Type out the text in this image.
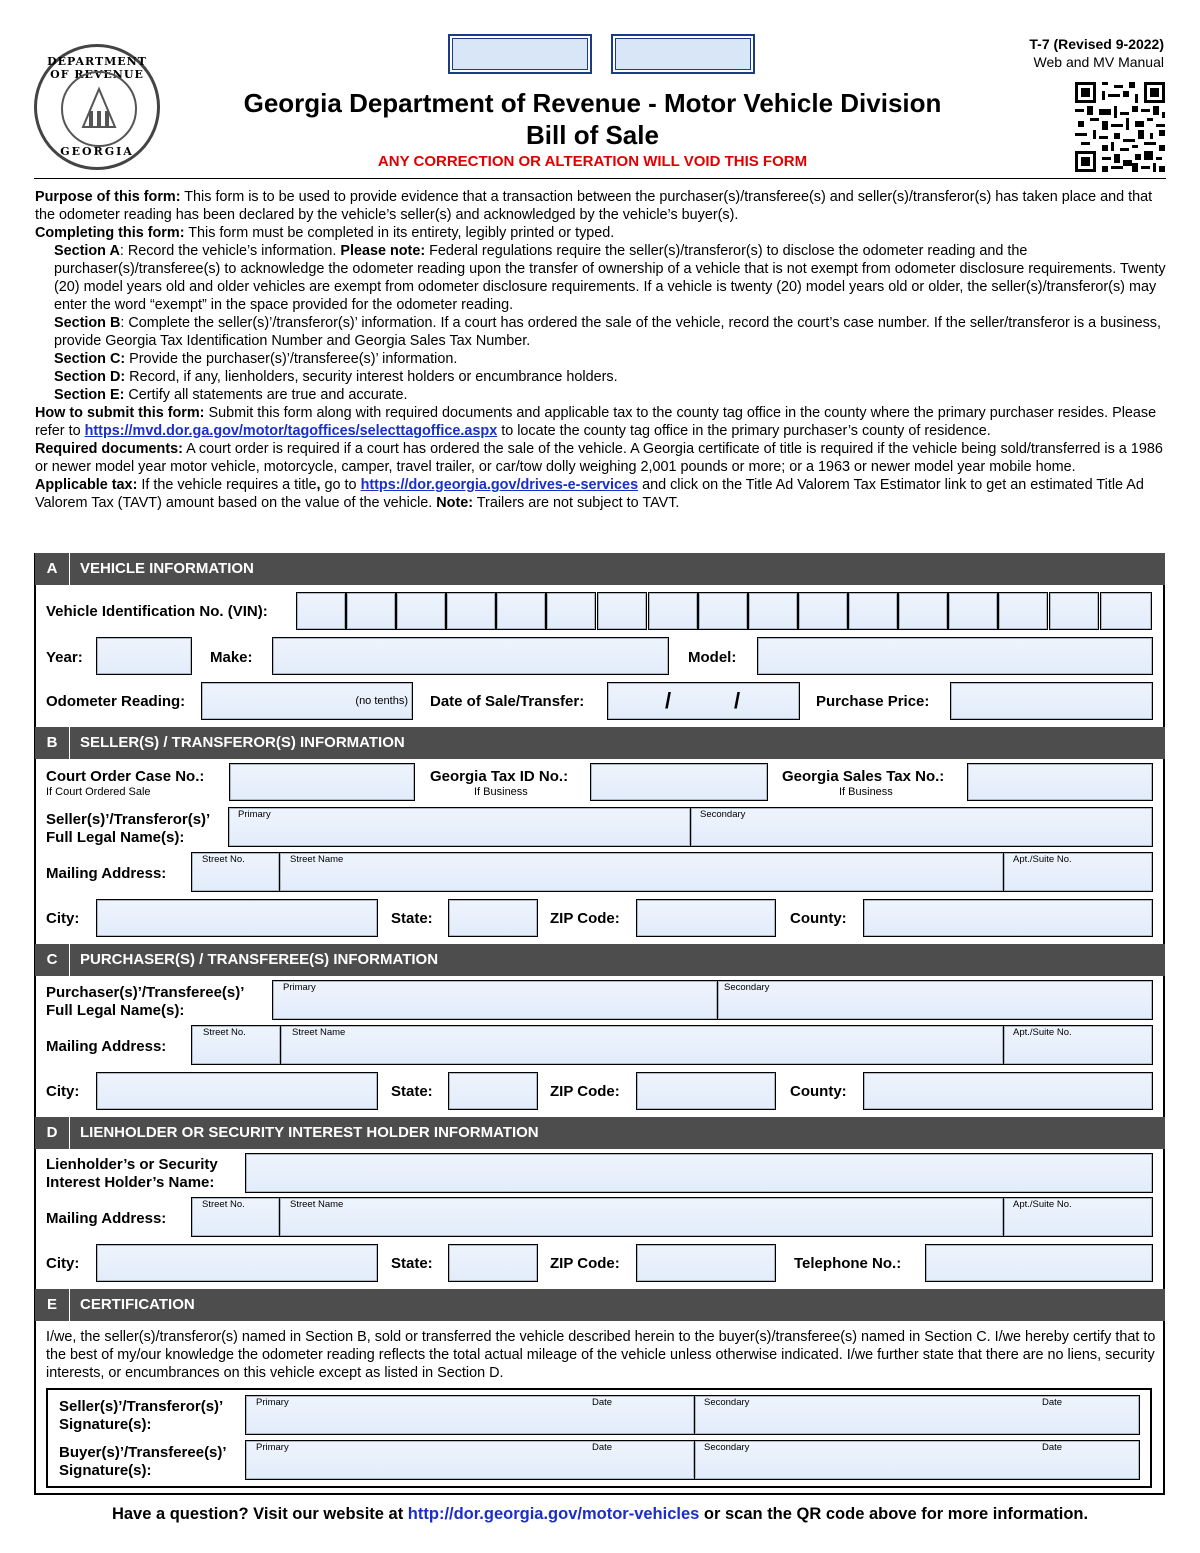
DEPARTMENT OF REVENUE
GEORGIA
Georgia Department of Revenue - Motor Vehicle Division
Bill of Sale
ANY CORRECTION OR ALTERATION WILL VOID THIS FORM
T-7 (Revised 9-2022)
Web and MV Manual

Purpose of this form: This form is to be used to provide evidence that a transaction between the purchaser(s)/transferee(s) and seller(s)/transferor(s) has taken place and that the odometer reading has been declared by the vehicle’s seller(s) and acknowledged by the vehicle’s buyer(s).

Completing this form: This form must be completed in its entirety, legibly printed or typed.

Section A: Record the vehicle’s information. Please note: Federal regulations require the seller(s)/transferor(s) to disclose the odometer reading and the purchaser(s)/transferee(s) to acknowledge the odometer reading upon the transfer of ownership of a vehicle that is not exempt from odometer disclosure requirements. Twenty (20) model years old and older vehicles are exempt from odometer disclosure requirements. If a vehicle is twenty (20) model years old or older, the seller(s)/transferor(s) may enter the word “exempt” in the space provided for the odometer reading.

Section B: Complete the seller(s)’/transferor(s)’ information. If a court has ordered the sale of the vehicle, record the court’s case number. If the seller/transferor is a business, provide Georgia Tax Identification Number and Georgia Sales Tax Number.

Section C: Provide the purchaser(s)’/transferee(s)’ information.

Section D: Record, if any, lienholders, security interest holders or encumbrance holders.

Section E: Certify all statements are true and accurate.

How to submit this form: Submit this form along with required documents and applicable tax to the county tag office in the county where the primary purchaser resides. Please refer to https://mvd.dor.ga.gov/motor/tagoffices/selecttagoffice.aspx to locate the county tag office in the primary purchaser’s county of residence.

Required documents: A court order is required if a court has ordered the sale of the vehicle. A Georgia certificate of title is required if the vehicle being sold/transferred is a 1986 or newer model year motor vehicle, motorcycle, camper, travel trailer, or car/tow dolly weighing 2,001 pounds or more; or a 1963 or newer model year mobile home.

Applicable tax: If the vehicle requires a title, go to https://dor.georgia.gov/drives-e-services and click on the Title Ad Valorem Tax Estimator link to get an estimated Title Ad Valorem Tax (TAVT) amount based on the value of the vehicle. Note: Trailers are not subject to TAVT.

A	VEHICLE INFORMATION
Vehicle Identification No. (VIN):
Year:	Make:	Model:
Odometer Reading:	(no tenths) Date of Sale/Transfer:	/	/	Purchase Price:
B	SELLER(S) / TRANSFEROR(S) INFORMATION
Court Order Case No.:
If Court Ordered Sale
Georgia Tax ID No.:
If Business
Georgia Sales Tax No.:
If Business
Seller(s)’/Transferor(s)’
Full Legal Name(s):
Primary	Secondary
Mailing Address:
Street No.	Street Name	Apt./Suite No.
City:	State:	ZIP Code:	County:
C	PURCHASER(S) / TRANSFEREE(S) INFORMATION
Purchaser(s)’/Transferee(s)’
Full Legal Name(s):
Primary	Secondary
Mailing Address:
Street No.	Street Name	Apt./Suite No.
City:	State:	ZIP Code:	County:
D	LIENHOLDER OR SECURITY INTEREST HOLDER INFORMATION
Lienholder’s or Security
Interest Holder’s Name:
Mailing Address:
Street No.	Street Name	Apt./Suite No.
City:	State:	ZIP Code:	Telephone No.:
E	CERTIFICATION
I/we, the seller(s)/transferor(s) named in Section B, sold or transferred the vehicle described herein to the buyer(s)/transferee(s) named in Section C. I/we hereby certify that to the best of my/our knowledge the odometer reading reflects the total actual mileage of the vehicle unless otherwise indicated. I/we further state that there are no liens, security interests, or encumbrances on this vehicle except as listed in Section D.
Seller(s)’/Transferor(s)’
Signature(s):
Primary	Date	Secondary	Date
Buyer(s)’/Transferee(s)’
Signature(s):
Primary	Date	Secondary	Date
Have a question? Visit our website at http://dor.georgia.gov/motor-vehicles or scan the QR code above for more information.
